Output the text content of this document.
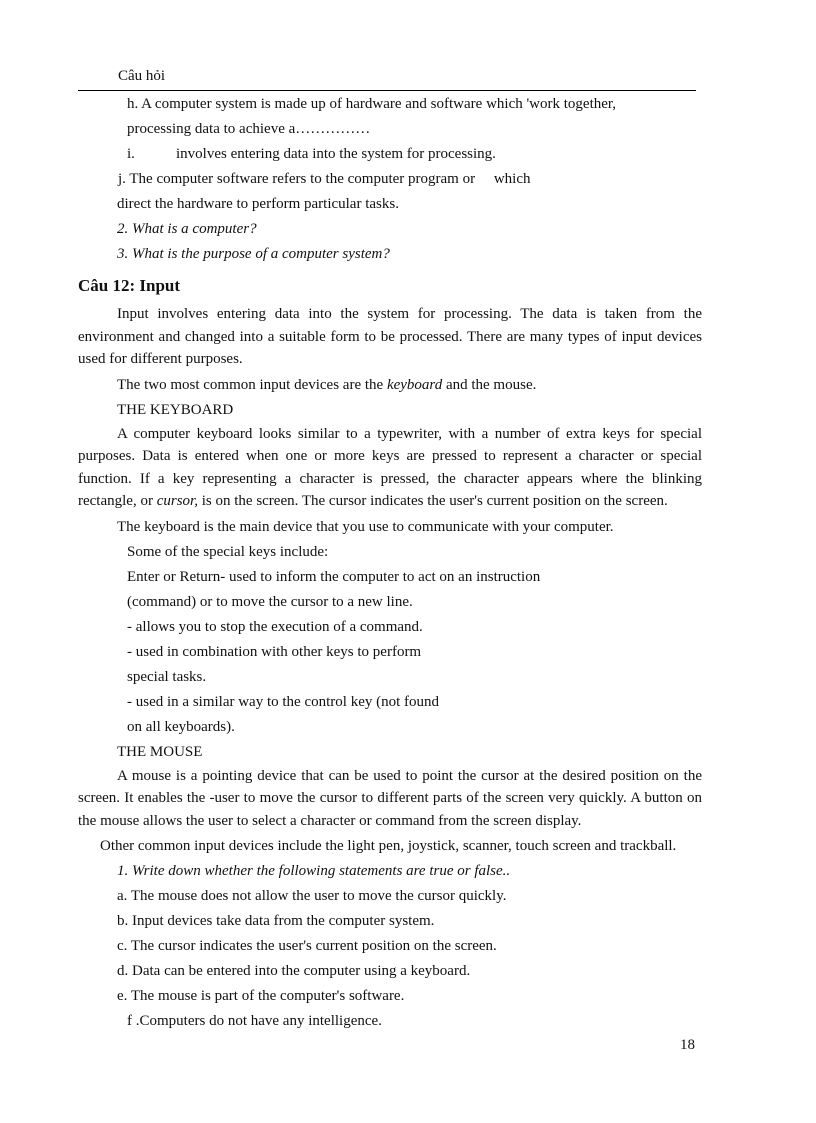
Câu hỏi
h. A computer system is made up of hardware and software which 'work together,
processing data to achieve a……………
i.	involves entering data into the system for processing.
j. The computer software refers to the computer program or     which
direct the hardware to perform particular tasks.
2. What is a computer?
3. What is the purpose of a computer system?
Câu 12: Input
Input involves entering data into the system for processing. The data is taken from the environment and changed into a suitable form to be processed. There are many types of input devices used for different purposes.
The two most common input devices are the keyboard and the mouse.
THE KEYBOARD
A computer keyboard looks similar to a typewriter, with a number of extra keys for special purposes. Data is entered when one or more keys are pressed to represent a character or special function. If a key representing a character is pressed, the character appears where the blinking rectangle, or cursor, is on the screen. The cursor indicates the user's current position on the screen.
The keyboard is the main device that you use to communicate with your computer.
Some of the special keys include:
Enter or Return- used to inform the computer to act on an instruction
(command) or to move the cursor to a new line.
- allows you to stop the execution of a command.
- used in combination with other keys to perform
special tasks.
- used in a similar way to the control key (not found
on all keyboards).
THE MOUSE
A mouse is a pointing device that can be used to point the cursor at the desired position on the screen. It enables the -user to move the cursor to different parts of the screen very quickly. A button on the mouse allows the user to select a character or command from the screen display.
Other common input devices include the light pen, joystick, scanner, touch screen and trackball.
1. Write down whether the following statements are true or false..
a. The mouse does not allow the user to move the cursor quickly.
b. Input devices take data from the computer system.
c. The cursor indicates the user's current position on the screen.
d. Data can be entered into the computer using a keyboard.
e. The mouse is part of the computer's software.
f .Computers do not have any intelligence.
18
